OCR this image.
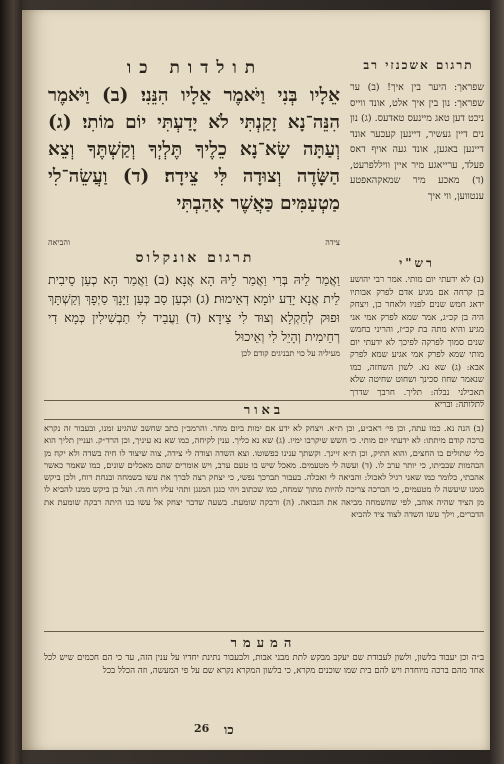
תולדות כו	תרגום אשכנזי רב
אֵלָיו בְּנִי וַיֹּאמֶר אֵלָיו הִנֵּנִי׃ (ב) וַיֹּאמֶר הִנֵּה־נָא זָקַנְתִּי לֹא יָדַעְתִּי יוֹם מוֹתִי׃ (ג) וְעַתָּה שָׂא־נָא כֵלֶיךָ תֶּלְיְךָ וְקַשְׁתֶּךָ וְצֵא הַשָּׂדֶה וְצוּדָה לִּי צֵידָה׃ (ד) וַעֲשֵׂה־לִי מַטְעַמִּים כַּאֲשֶׁר אָהַבְתִּי
צידה
והביאה
שפראך: היער בין איך! (ב) ער שפראך: נון בין איך אלט, אונד ווייס ניכט דען טאג מיינעס טאדעס. (ג) נון נים דיין געשיר, דיינען קעכער אונד דיינען באגען, אונד געה אויף דאס פעלד, ערייאגע מיר איין וויללפרעט, (ד) מאכע מיר שמאקהאפטע ענטווען, ווי איך
תרגום אונקלוס
וַאֲמַר לֵיהּ בְּרִי וַאֲמַר לֵיהּ הָא אֲנָא׃ (ב) וַאֲמַר הָא כְעַן סֵיבִית לֵית אֲנָא יָדַע יוֹמָא דְאֵימוּת׃ (ג) וּכְעַן סַב כְּעַן זַיָּנָךְ סַיְפָךְ וְקַשְׁתָּךְ וּפוּק לְחַקְלָא וְצוּד לִי צֵידָא׃ (ד) וַעֲבֵיד לִי תַבְשִׁילִין כְּמָא דִי רְחֵימִית וְהָיֵל לִי וְאֵיכוּל
מעיליה על כוי תבניגים קודם לכן
רש"י
(ב) לא ידעתי יום מותי. אמר רבי יהושע בן קרחה אם מגיע אדם לפרק אבותיו ידאג חמש שנים לפניו ולאחר כן, ויצחק היה בן קכ״ג, אמר שמא לפרק אמי אני מגיע והיא מתה בת קכ״ז, והריני בחמש שנים סמוך לפרקה לפיכך לא ידעתי יום מותי שמא לפרק אמי אגיע שמא לפרק אבא: (ג) שא נא. לשון השחזה, כמו שנאמר שחוז סכינך ושחוט שחיטה שלא תאכילני נבלה: תליך. חרבך שדרך לתלותה: ובריא
באור
(ב) הנה נא. כמו עתה, וכן פי׳ ראב״ע, וכן ת״א. ויצחק לא ידע אם ימות ביום מחר. והרמב״ן כתב שחשב שהגיע זמנו, ובעבור זה נקרא ברכה קודם מיתתו: לא ידעתי יום מותי. כי חשש שיקרבו ימיו. (ג) שא נא כליך. ענין לקיחה, כמו שא נא עיניך, וכן הרד״ק. ועניין תליך הוא כלי שתולים בו החצים, והוא התיק, וכן ת״א זיינך. וקשתך ענינו כפשוטו. וצא השדה וצודה לי צידה, צוה שיצוד לו חיה בשדה ולא יקח מן הבהמות שבביתו, כי יותר ערב לו. (ד) ועשה לי מטעמים. מאכל שיש בו טעם ערב, ויש אומרים שהם מאכלים שונים, כמו שאמר כאשר אהבתי, כלומר כמו שאני רגיל לאכול: והביאה לי ואכלה. בעבור תברכך נפשי, כי יצחק רצה לברך את עשו בשמחה ובנחת רוח, ולכן ביקש ממנו שיעשה לו מטעמים, כי הברכה צריכה להיות מתוך שמחה, כמו שכתוב ויהי כנגן המנגן ותהי עליו רוח ה׳. ועל כן ביקש ממנו להביא לו מן הציד שהיה אוהב, לפי שהשמחה מביאה את הנבואה. (ה) ורבקה שומעת. בשעה שדבר יצחק אל עשו בנו היתה רבקה שומעת את הדברים, וילך עשו השדה לצוד ציד להביא
המעמר
ב״ה וכן יעבוד בלשון, ולשון לעבודת שם יעקב מבקש לתת מבני אבות, ולבעבור נתינת יחדיו על ענין הזה, עד כי הם חכמים שיש לכל אחד מהם ברכה מיוחדת ויש להם בית שמו שוכנים מקרא, כי בלשון המקרא נקרא שם על פי המעשה, וזה הכלל בכל
26 כו
